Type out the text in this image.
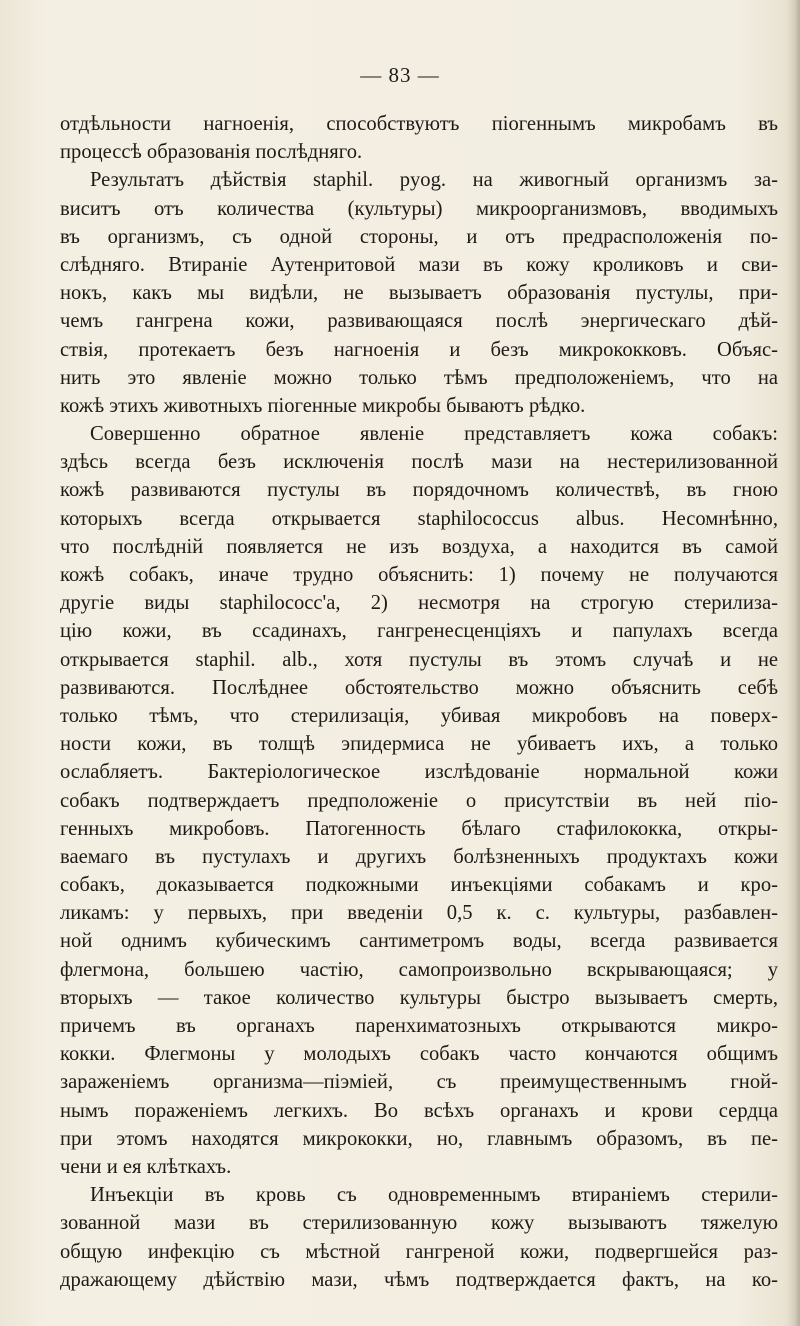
— 83 —
отдѣльности нагноенія, способствуютъ піогеннымъ микробамъ въ
процессѣ образованія послѣдняго.
Результатъ дѣйствія staphil. pyog. на живогный организмъ за-
виситъ отъ количества (культуры) микроорганизмовъ, вводимыхъ
въ организмъ, съ одной стороны, и отъ предрасположенія по-
слѣдняго. Втираніе Аутенритовой мази въ кожу кроликовъ и сви-
нокъ, какъ мы видѣли, не вызываетъ образованія пустулы, при-
чемъ гангрена кожи, развивающаяся послѣ энергическаго дѣй-
ствія, протекаетъ безъ нагноенія и безъ микрококковъ. Объяс-
нить это явленіе можно только тѣмъ предположеніемъ, что на
кожѣ этихъ животныхъ піогенные микробы бываютъ рѣдко.
Совершенно обратное явленіе представляетъ кожа собакъ:
здѣсь всегда безъ исключенія послѣ мази на нестерилизованной
кожѣ развиваются пустулы въ порядочномъ количествѣ, въ гною
которыхъ всегда открывается staphilococcus albus. Несомнѣнно,
что послѣдній появляется не изъ воздуха, а находится въ самой
кожѣ собакъ, иначе трудно объяснить: 1) почему не получаются
другіе виды staphilococc'а, 2) несмотря на строгую стерилиза-
цію кожи, въ ссадинахъ, гангренесценціяхъ и папулахъ всегда
открывается staphil. alb., хотя пустулы въ этомъ случаѣ и не
развиваются. Послѣднее обстоятельство можно объяснить себѣ
только тѣмъ, что стерилизація, убивая микробовъ на поверх-
ности кожи, въ толщѣ эпидермиса не убиваетъ ихъ, а только
ослабляетъ. Бактеріологическое изслѣдованіе нормальной кожи
собакъ подтверждаетъ предположеніе о присутствіи въ ней піо-
генныхъ микробовъ. Патогенность бѣлаго стафилококка, откры-
ваемаго въ пустулахъ и другихъ болѣзненныхъ продуктахъ кожи
собакъ, доказывается подкожными инъекціями собакамъ и кро-
ликамъ: у первыхъ, при введеніи 0,5 к. с. культуры, разбавлен-
ной однимъ кубическимъ сантиметромъ воды, всегда развивается
флегмона, большею частію, самопроизвольно вскрывающаяся; у
вторыхъ — такое количество культуры быстро вызываетъ смерть,
причемъ въ органахъ паренхиматозныхъ открываются микро-
кокки. Флегмоны у молодыхъ собакъ часто кончаются общимъ
зараженіемъ организма—піэміей, съ преимущественнымъ гной-
нымъ пораженіемъ легкихъ. Во всѣхъ органахъ и крови сердца
при этомъ находятся микрококки, но, главнымъ образомъ, въ пе-
чени и ея клѣткахъ.
Инъекціи въ кровь съ одновременнымъ втираніемъ стерили-
зованной мази въ стерилизованную кожу вызываютъ тяжелую
общую инфекцію съ мѣстной гангреной кожи, подвергшейся раз-
дражающему дѣйствію мази, чѣмъ подтверждается фактъ, на ко-
